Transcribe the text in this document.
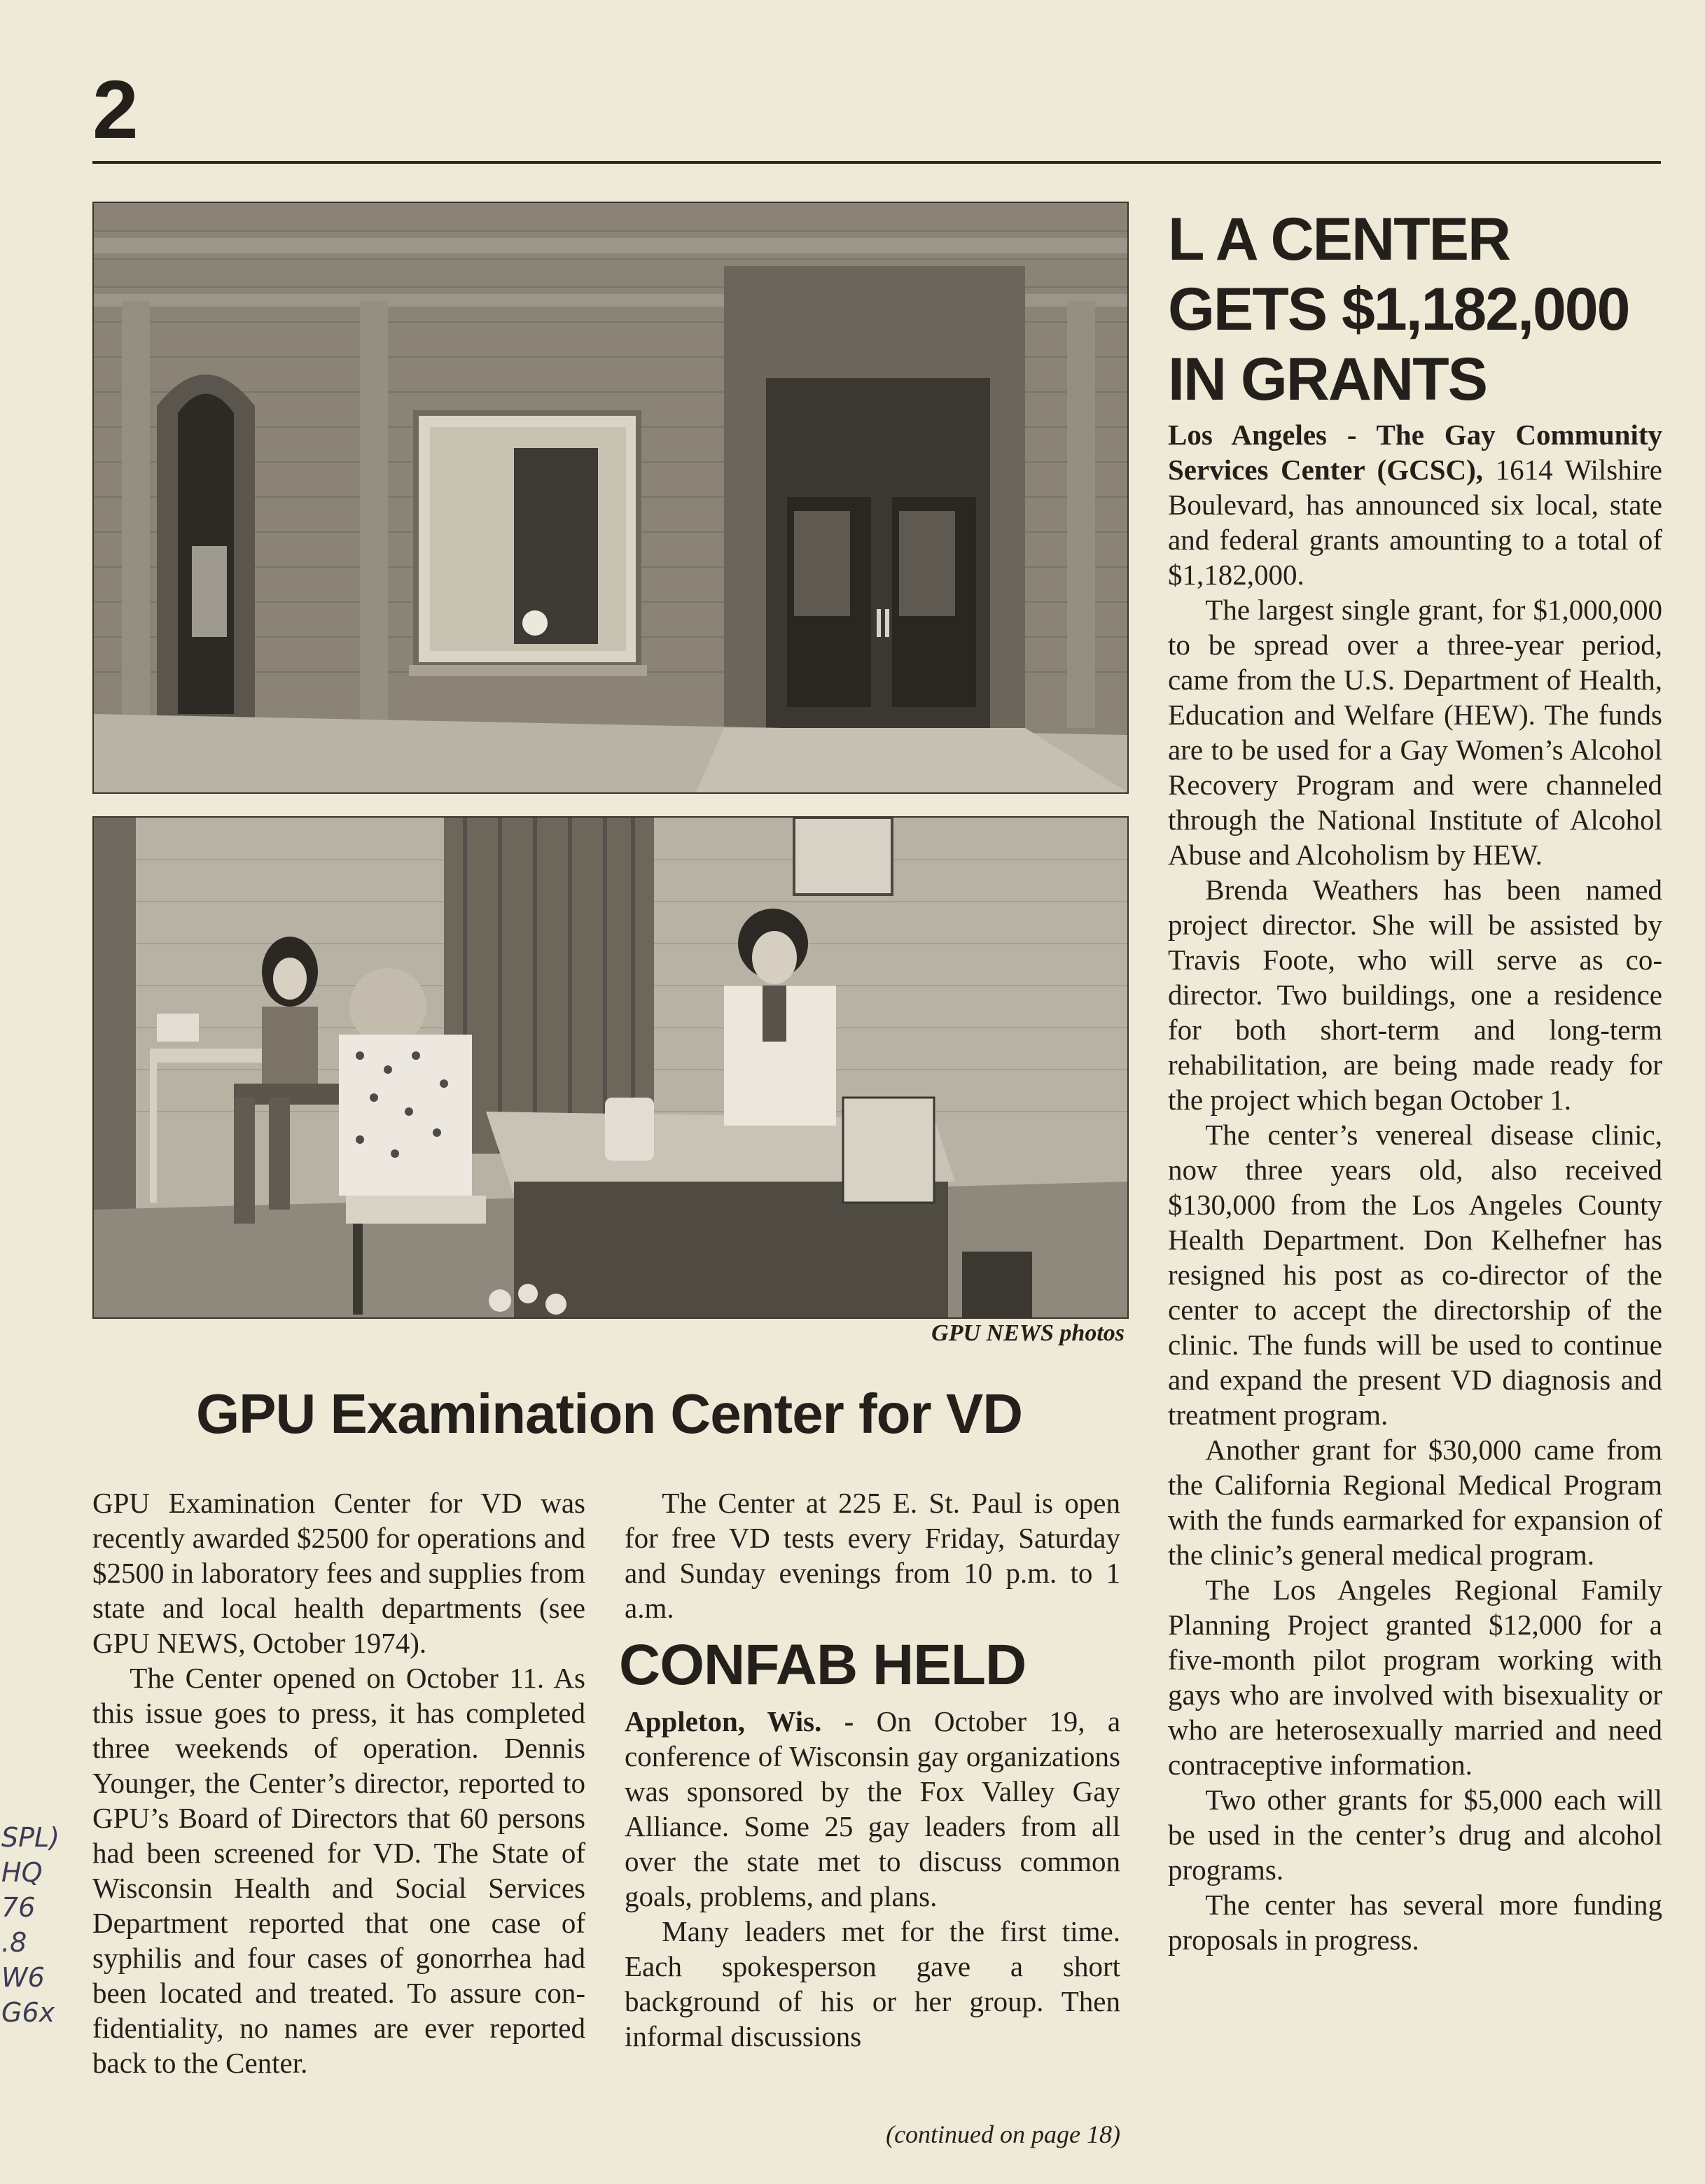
2
GPU NEWS photos
GPU Examination Center for VD

GPU Examination Center for VD was recently awarded $2500 for operations and $2500 in laboratory fees and supplies from state and local health departments (see GPU NEWS, October 1974).

The Center opened on October 11. As this issue goes to press, it has completed three weekends of operation. Dennis Younger, the Center’s director, reported to GPU’s Board of Directors that 60 persons had been screened for VD. The State of Wisconsin Health and Social Services Department reported that one case of syphilis and four cases of gonorrhea had been located and treated. To assure confidentiality, no names are ever reported back to the Center.

The Center at 225 E. St. Paul is open for free VD tests every Friday, Saturday and Sunday evenings from 10 p.m. to 1 a.m.

CONFAB HELD

Appleton, Wis. - On October 19, a conference of Wisconsin gay organizations was sponsored by the Fox Valley Gay Alliance. Some 25 gay leaders from all over the state met to discuss common goals, problems, and plans.

Many leaders met for the first time. Each spokesperson gave a short background of his or her group. Then informal discussions

(continued on page 18)
L A CENTER
GETS $1,182,000
IN GRANTS

Los Angeles - The Gay Community Services Center (GCSC), 1614 Wilshire Boulevard, has announced six local, state and federal grants amounting to a total of $1,182,000.

The largest single grant, for $1,000,000 to be spread over a three-year period, came from the U.S. Department of Health, Education and Welfare (HEW). The funds are to be used for a Gay Women’s Alcohol Recovery Program and were channeled through the National Institute of Alcohol Abuse and Alcoholism by HEW.

Brenda Weathers has been named project director. She will be assisted by Travis Foote, who will serve as co-director. Two buildings, one a residence for both short-term and long-term rehabilitation, are being made ready for the project which began October 1.

The center’s venereal disease clinic, now three years old, also received $130,000 from the Los Angeles County Health Department. Don Kelhefner has resigned his post as co-director of the center to accept the directorship of the clinic. The funds will be used to continue and expand the present VD diagnosis and treatment program.

Another grant for $30,000 came from the California Regional Medical Program with the funds earmarked for expansion of the clinic’s general medical program.

The Los Angeles Regional Family Planning Project granted $12,000 for a five-month pilot program working with gays who are involved with bisexuality or who are heterosexually married and need contraceptive information.

Two other grants for $5,000 each will be used in the center’s drug and alcohol programs.

The center has several more funding proposals in progress.

SPL)
HQ
76
.8
W6
G6x
